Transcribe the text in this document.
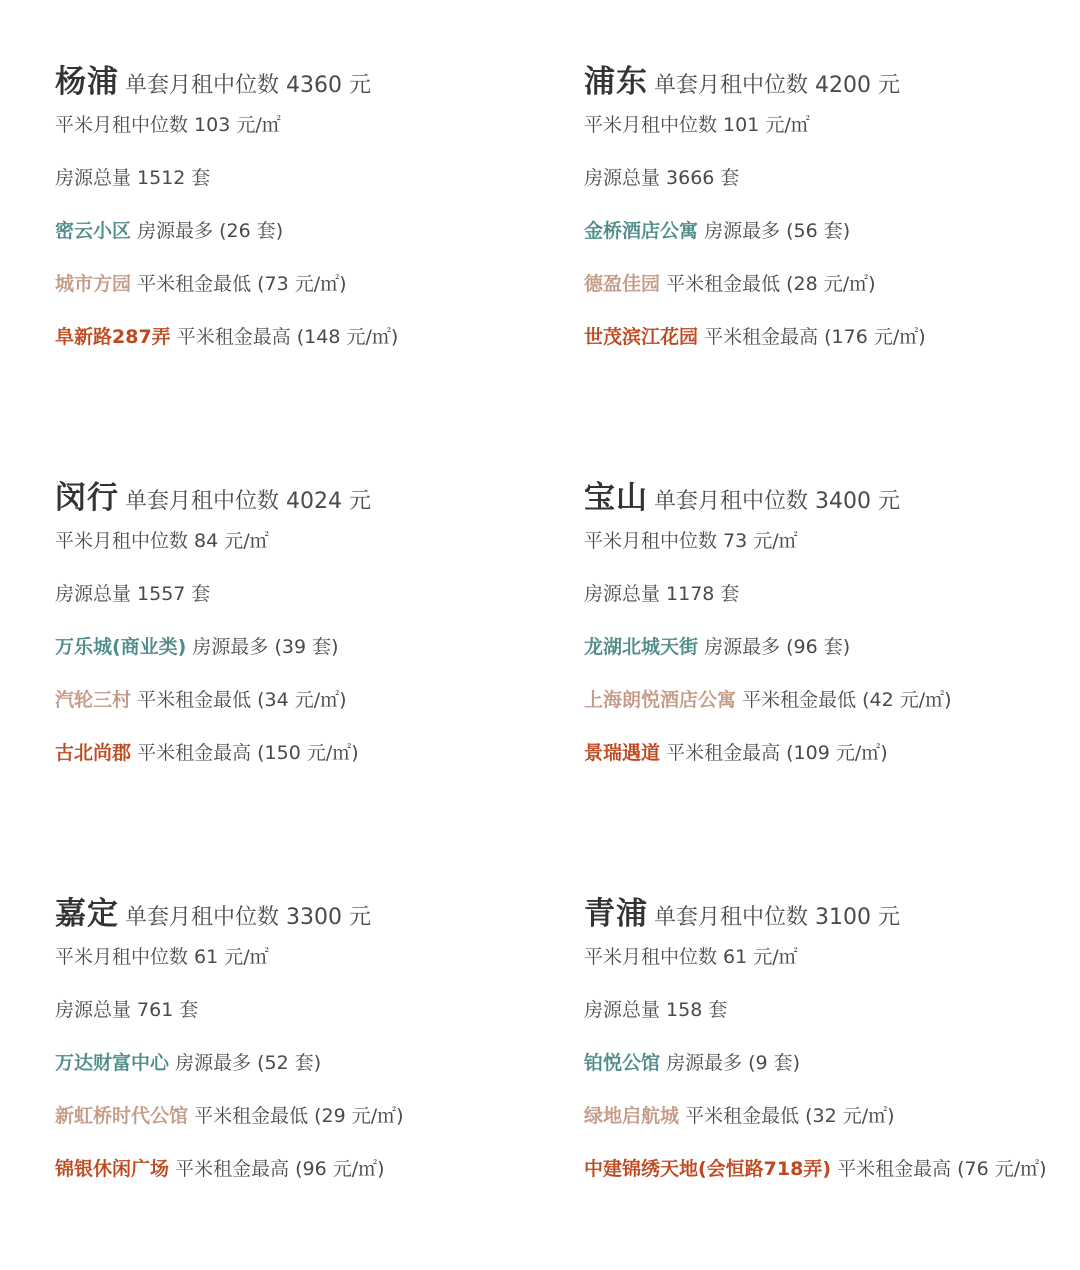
杨浦 单套月租中位数 4360 元
平米月租中位数 103 元/㎡
房源总量 1512 套
密云小区 房源最多 (26 套)
城市方园 平米租金最低 (73 元/㎡)
阜新路287弄 平米租金最高 (148 元/㎡)
浦东 单套月租中位数 4200 元
平米月租中位数 101 元/㎡
房源总量 3666 套
金桥酒店公寓 房源最多 (56 套)
德盈佳园 平米租金最低 (28 元/㎡)
世茂滨江花园 平米租金最高 (176 元/㎡)
闵行 单套月租中位数 4024 元
平米月租中位数 84 元/㎡
房源总量 1557 套
万乐城(商业类) 房源最多 (39 套)
汽轮三村 平米租金最低 (34 元/㎡)
古北尚郡 平米租金最高 (150 元/㎡)
宝山 单套月租中位数 3400 元
平米月租中位数 73 元/㎡
房源总量 1178 套
龙湖北城天街 房源最多 (96 套)
上海朗悦酒店公寓 平米租金最低 (42 元/㎡)
景瑞遇道 平米租金最高 (109 元/㎡)
嘉定 单套月租中位数 3300 元
平米月租中位数 61 元/㎡
房源总量 761 套
万达财富中心 房源最多 (52 套)
新虹桥时代公馆 平米租金最低 (29 元/㎡)
锦银休闲广场 平米租金最高 (96 元/㎡)
青浦 单套月租中位数 3100 元
平米月租中位数 61 元/㎡
房源总量 158 套
铂悦公馆 房源最多 (9 套)
绿地启航城 平米租金最低 (32 元/㎡)
中建锦绣天地(会恒路718弄) 平米租金最高 (76 元/㎡)
